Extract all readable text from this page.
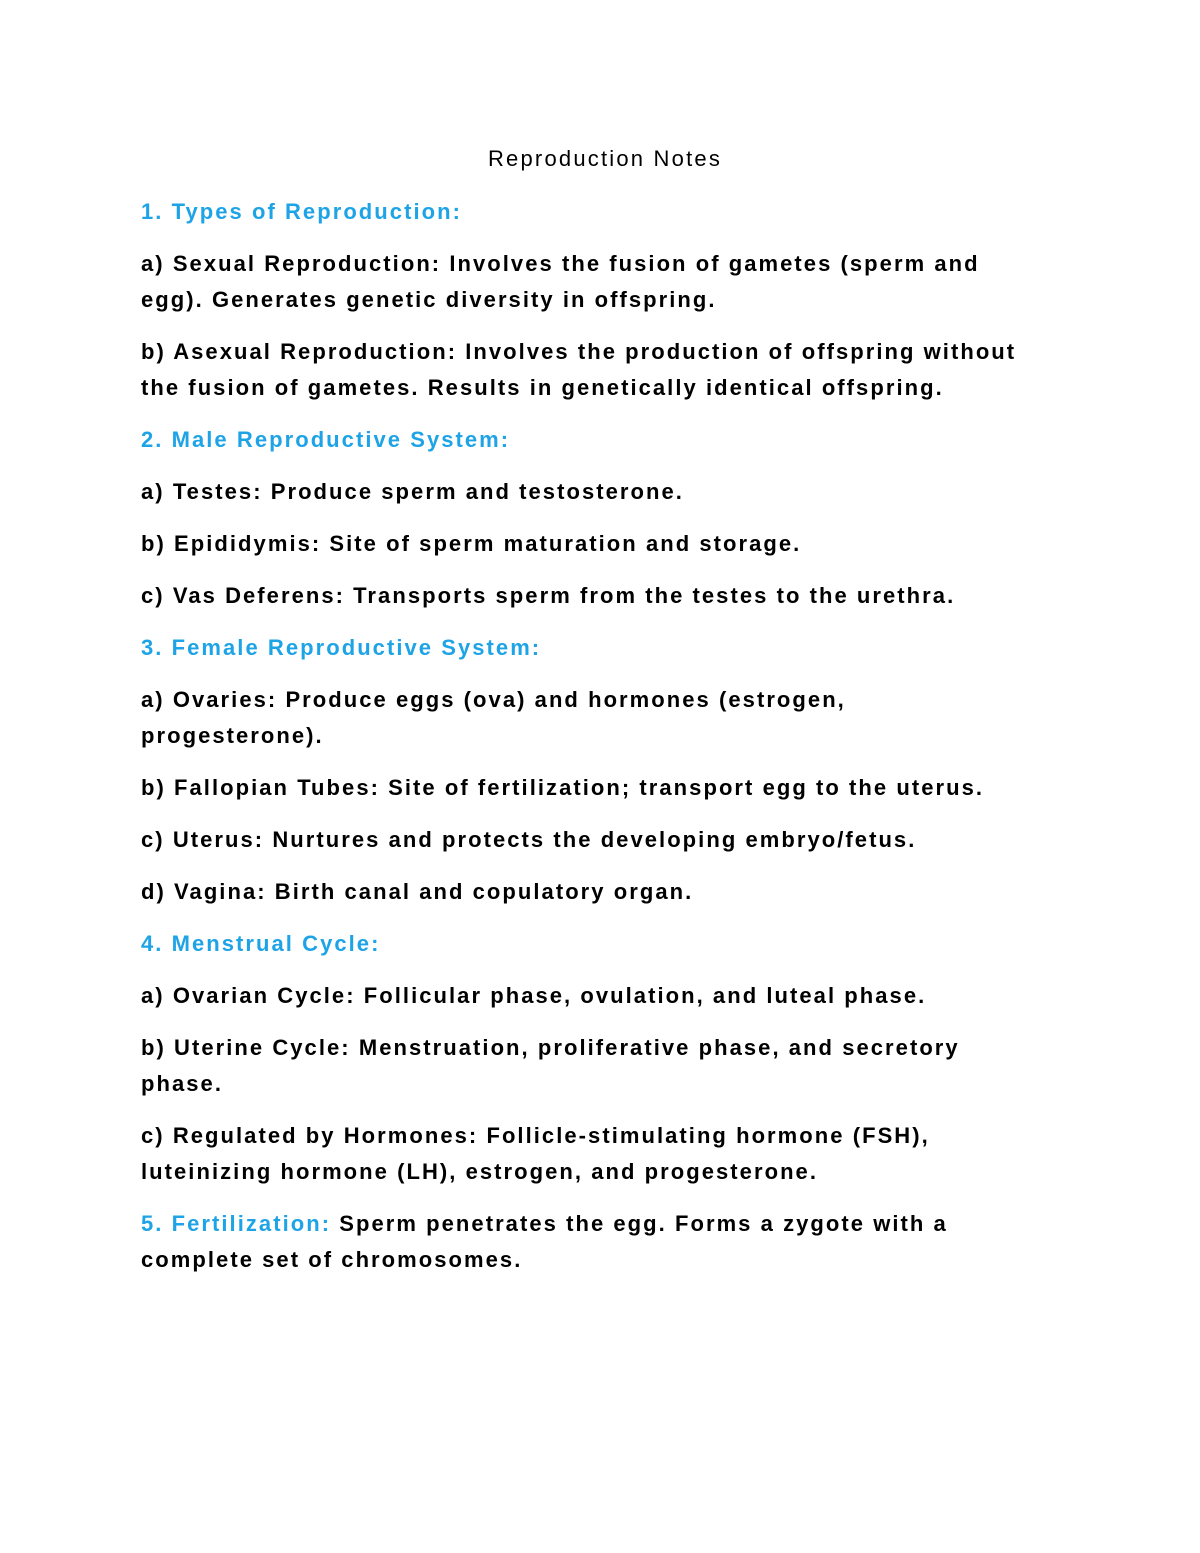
Reproduction Notes
1. Types of Reproduction:
a) Sexual Reproduction: Involves the fusion of gametes (sperm and
egg). Generates genetic diversity in offspring.
b) Asexual Reproduction: Involves the production of offspring without
the fusion of gametes. Results in genetically identical offspring.
2. Male Reproductive System:
a) Testes: Produce sperm and testosterone.
b) Epididymis: Site of sperm maturation and storage.
c) Vas Deferens: Transports sperm from the testes to the urethra.
3. Female Reproductive System:
a) Ovaries: Produce eggs (ova) and hormones (estrogen,
progesterone).
b) Fallopian Tubes: Site of fertilization; transport egg to the uterus.
c) Uterus: Nurtures and protects the developing embryo/fetus.
d) Vagina: Birth canal and copulatory organ.
4. Menstrual Cycle:
a) Ovarian Cycle: Follicular phase, ovulation, and luteal phase.
b) Uterine Cycle: Menstruation, proliferative phase, and secretory
phase.
c) Regulated by Hormones: Follicle-stimulating hormone (FSH),
luteinizing hormone (LH), estrogen, and progesterone.
5. Fertilization: Sperm penetrates the egg. Forms a zygote with a
complete set of chromosomes.
